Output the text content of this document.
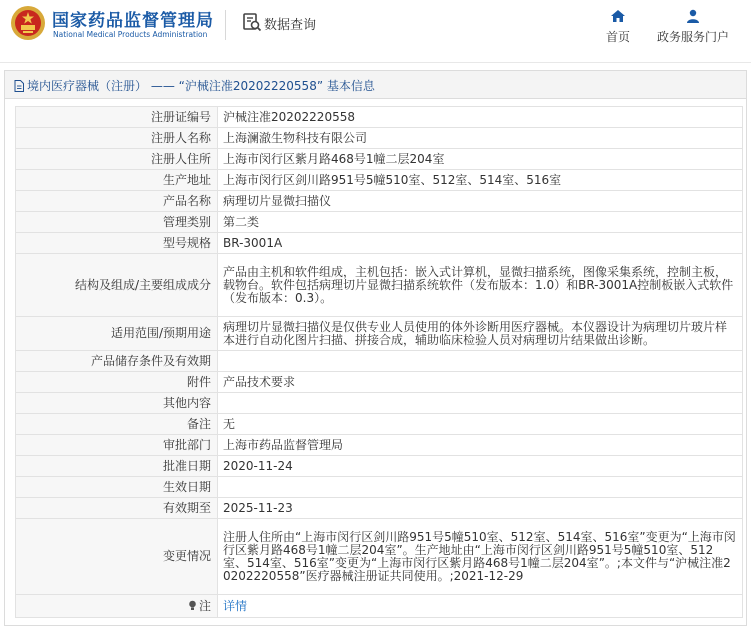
国家药品监督管理局
National Medical Products Administration
数据查询
首页	政务服务门户
境内医疗器械（注册） —— “沪械注准20202220558” 基本信息
注册证编号	沪械注准20202220558
注册人名称	上海澜澈生物科技有限公司
注册人住所	上海市闵行区紫月路468号1幢二层204室
生产地址	上海市闵行区剑川路951号5幢510室、512室、514室、516室
产品名称	病理切片显微扫描仪
管理类别	第二类
型号规格	BR-3001A
结构及组成/主要组成成分	产品由主机和软件组成，主机包括：嵌入式计算机，显微扫描系统，图像采集系统，控制主板，载物台。软件包括病理切片显微扫描系统软件（发布版本：1.0）和BR-3001A控制板嵌入式软件（发布版本：0.3）。
适用范围/预期用途	病理切片显微扫描仪是仅供专业人员使用的体外诊断用医疗器械。本仪器设计为病理切片玻片样本进行自动化图片扫描、拼接合成，辅助临床检验人员对病理切片结果做出诊断。
产品储存条件及有效期	
附件	产品技术要求
其他内容	
备注	无
审批部门	上海市药品监督管理局
批准日期	2020-11-24
生效日期	
有效期至	2025-11-23
变更情况	注册人住所由“上海市闵行区剑川路951号5幢510室、512室、514室、516室”变更为“上海市闵行区紫月路468号1幢二层204室”。生产地址由“上海市闵行区剑川路951号5幢510室、512室、514室、516室”变更为“上海市闵行区紫月路468号1幢二层204室”。;本文件与“沪械注准20202220558”医疗器械注册证共同使用。;2021-12-29
注	详情
